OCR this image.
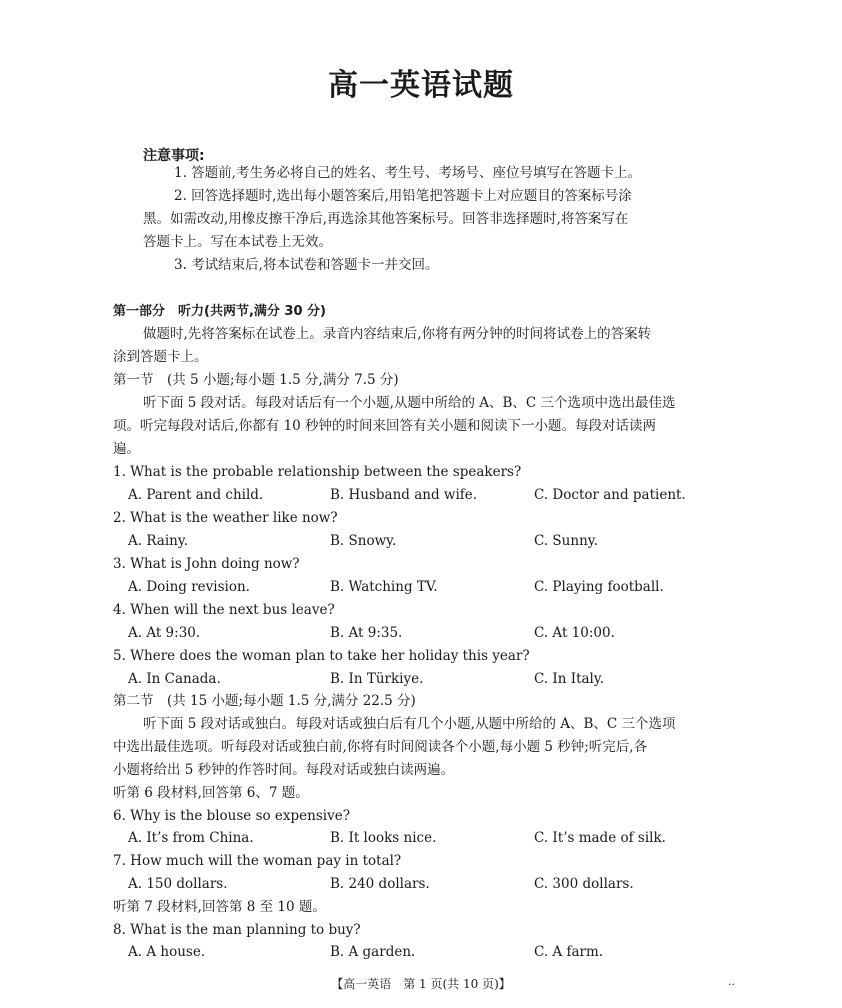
高一英语试题
注意事项:
1. 答题前,考生务必将自己的姓名、考生号、考场号、座位号填写在答题卡上。
2. 回答选择题时,选出每小题答案后,用铅笔把答题卡上对应题目的答案标号涂
黑。如需改动,用橡皮擦干净后,再选涂其他答案标号。回答非选择题时,将答案写在
答题卡上。写在本试卷上无效。
3. 考试结束后,将本试卷和答题卡一并交回。
第一部分　听力(共两节,满分 30 分)
做题时,先将答案标在试卷上。录音内容结束后,你将有两分钟的时间将试卷上的答案转
涂到答题卡上。
第一节　(共 5 小题;每小题 1.5 分,满分 7.5 分)
听下面 5 段对话。每段对话后有一个小题,从题中所给的 A、B、C 三个选项中选出最佳选
项。听完每段对话后,你都有 10 秒钟的时间来回答有关小题和阅读下一小题。每段对话读两
遍。
1. What is the probable relationship between the speakers?
A. Parent and child.	B. Husband and wife.	C. Doctor and patient.
2. What is the weather like now?
A. Rainy.	B. Snowy.	C. Sunny.
3. What is John doing now?
A. Doing revision.	B. Watching TV.	C. Playing football.
4. When will the next bus leave?
A. At 9:30.	B. At 9:35.	C. At 10:00.
5. Where does the woman plan to take her holiday this year?
A. In Canada.	B. In Türkiye.	C. In Italy.
第二节　(共 15 小题;每小题 1.5 分,满分 22.5 分)
听下面 5 段对话或独白。每段对话或独白后有几个小题,从题中所给的 A、B、C 三个选项
中选出最佳选项。听每段对话或独白前,你将有时间阅读各个小题,每小题 5 秒钟;听完后,各
小题将给出 5 秒钟的作答时间。每段对话或独白读两遍。
听第 6 段材料,回答第 6、7 题。
6. Why is the blouse so expensive?
A. It’s from China.	B. It looks nice.	C. It’s made of silk.
7. How much will the woman pay in total?
A. 150 dollars.	B. 240 dollars.	C. 300 dollars.
听第 7 段材料,回答第 8 至 10 题。
8. What is the man planning to buy?
A. A house.	B. A garden.	C. A farm.
【高一英语　第 1 页(共 10 页)】	..
